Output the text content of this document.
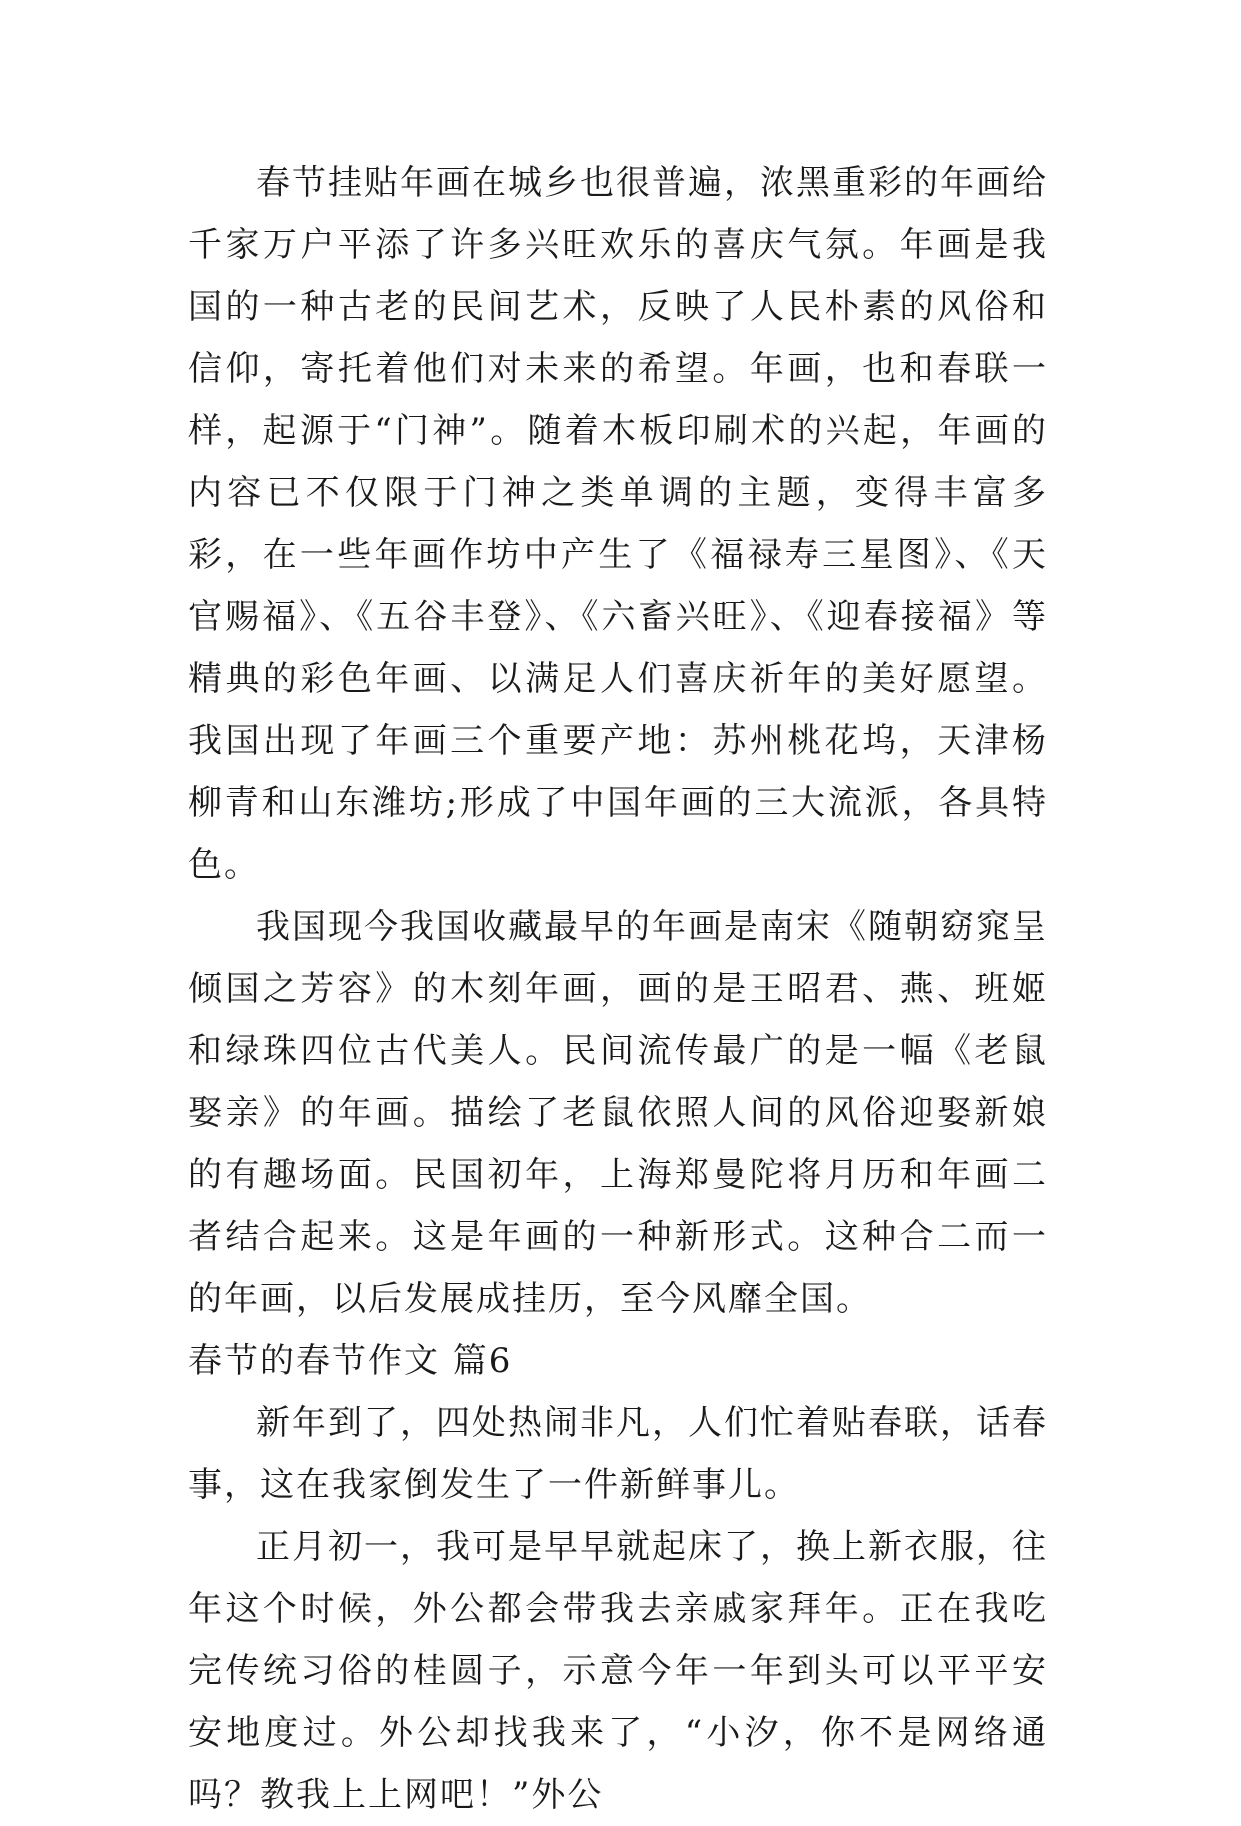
春节挂贴年画在城乡也很普遍，浓黑重彩的年画给千家万户平添了许多兴旺欢乐的喜庆气氛。年画是我国的一种古老的民间艺术，反映了人民朴素的风俗和信仰，寄托着他们对未来的希望。年画，也和春联一样，起源于“门神”。随着木板印刷术的兴起，年画的内容已不仅限于门神之类单调的主题，变得丰富多彩，在一些年画作坊中产生了《福禄寿三星图》、《天官赐福》、《五谷丰登》、《六畜兴旺》、《迎春接福》等精典的彩色年画、以满足人们喜庆祈年的美好愿望。我国出现了年画三个重要产地：苏州桃花坞，天津杨柳青和山东潍坊;形成了中国年画的三大流派，各具特色。

我国现今我国收藏最早的年画是南宋《随朝窈窕呈倾国之芳容》的木刻年画，画的是王昭君、燕、班姬和绿珠四位古代美人。民间流传最广的是一幅《老鼠娶亲》的年画。描绘了老鼠依照人间的风俗迎娶新娘的有趣场面。民国初年，上海郑曼陀将月历和年画二者结合起来。这是年画的一种新形式。这种合二而一的年画，以后发展成挂历，至今风靡全国。

春节的春节作文 篇6

新年到了，四处热闹非凡，人们忙着贴春联，话春事，这在我家倒发生了一件新鲜事儿。

正月初一，我可是早早就起床了，换上新衣服，往年这个时候，外公都会带我去亲戚家拜年。正在我吃完传统习俗的桂圆子，示意今年一年到头可以平平安安地度过。外公却找我来了，“小汐，你不是网络通吗？教我上上网吧！”外公
